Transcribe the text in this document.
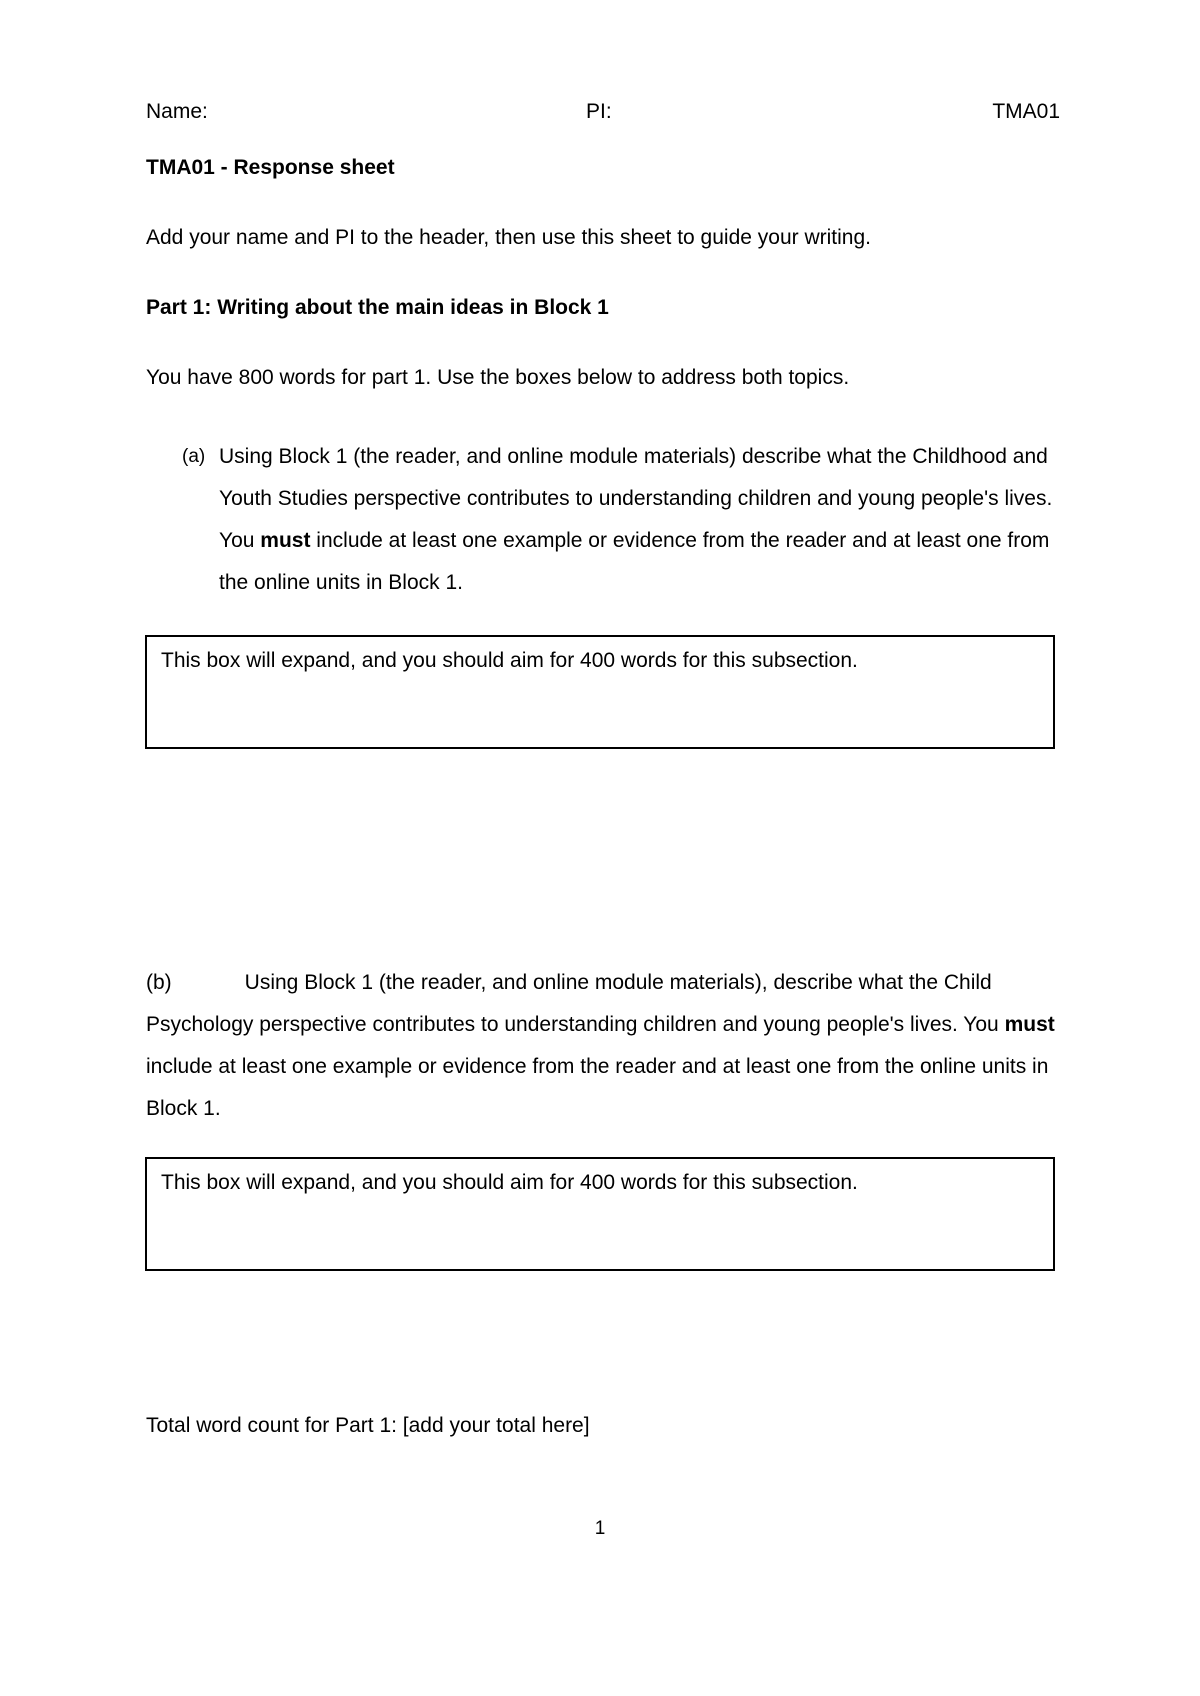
Name:	PI:	TMA01
TMA01 - Response sheet
Add your name and PI to the header, then use this sheet to guide your writing.
Part 1: Writing about the main ideas in Block 1
You have 800 words for part 1. Use the boxes below to address both topics.
(a) Using Block 1 (the reader, and online module materials) describe what the Childhood and Youth Studies perspective contributes to understanding children and young people's lives. You must include at least one example or evidence from the reader and at least one from the online units in Block 1.
This box will expand, and you should aim for 400 words for this subsection.
(b)	Using Block 1 (the reader, and online module materials), describe what the Child Psychology perspective contributes to understanding children and young people's lives. You must include at least one example or evidence from the reader and at least one from the online units in Block 1.
This box will expand, and you should aim for 400 words for this subsection.
Total word count for Part 1: [add your total here]
1
